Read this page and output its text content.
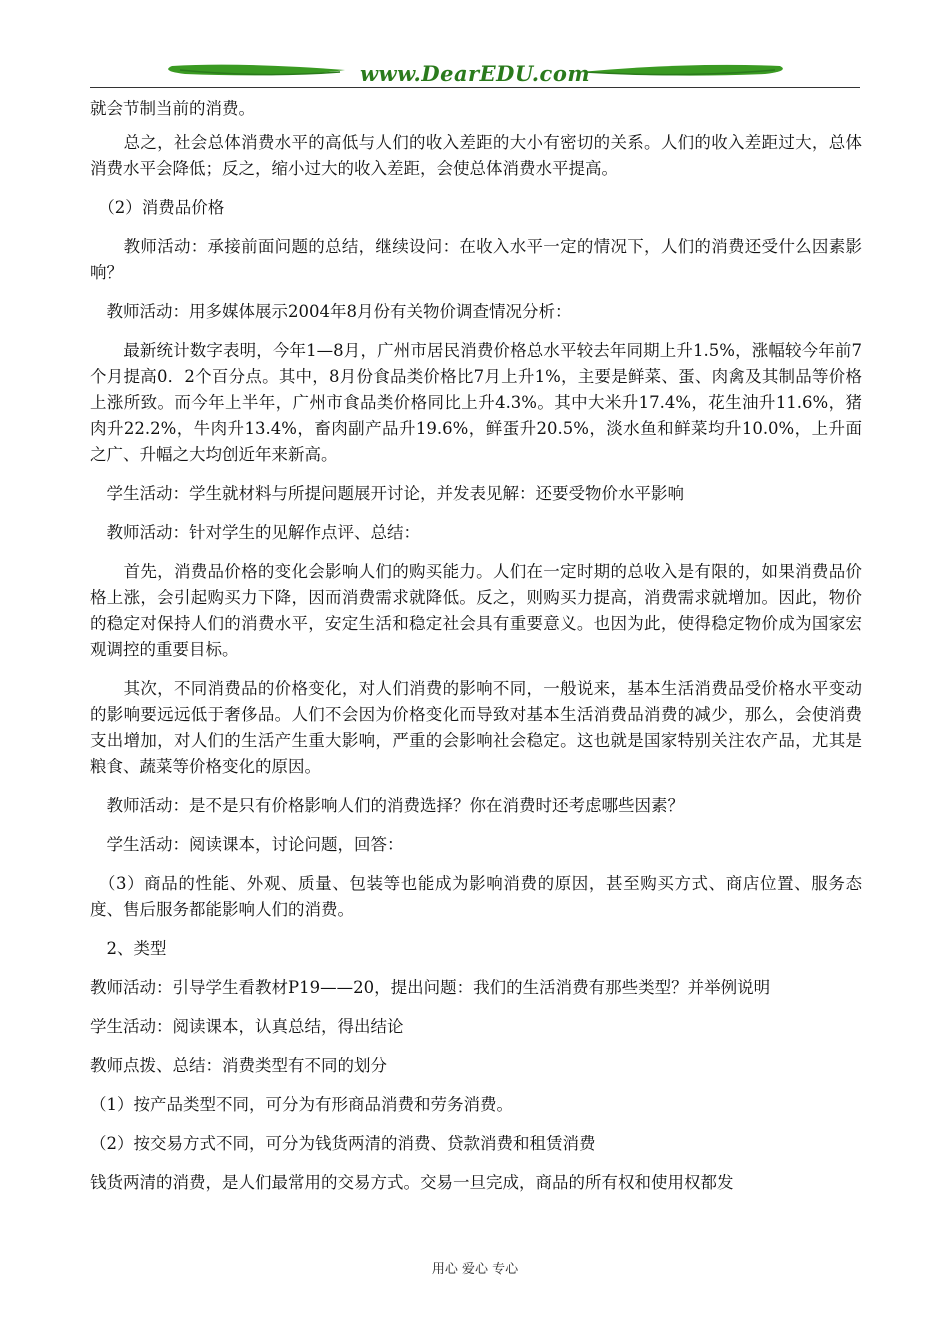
www.DearEDU.com

就会节制当前的消费。

　　总之，社会总体消费水平的高低与人们的收入差距的大小有密切的关系。人们的收入差距过大，总体消费水平会降低；反之，缩小过大的收入差距，会使总体消费水平提高。

　（2）消费品价格

　　教师活动：承接前面问题的总结，继续设问：在收入水平一定的情况下，人们的消费还受什么因素影响？

　教师活动：用多媒体展示2004年8月份有关物价调查情况分析：

　　最新统计数字表明，今年1—8月，广州市居民消费价格总水平较去年同期上升1.5%，涨幅较今年前7个月提高0．2个百分点。其中，8月份食品类价格比7月上升1%，主要是鲜菜、蛋、肉禽及其制品等价格上涨所致。而今年上半年，广州市食品类价格同比上升4.3%。其中大米升17.4%，花生油升11.6%，猪肉升22.2%，牛肉升13.4%，畜肉副产品升19.6%，鲜蛋升20.5%，淡水鱼和鲜菜均升10.0%，上升面之广、升幅之大均创近年来新高。

　学生活动：学生就材料与所提问题展开讨论，并发表见解：还要受物价水平影响

　教师活动：针对学生的见解作点评、总结：

　　首先，消费品价格的变化会影响人们的购买能力。人们在一定时期的总收入是有限的，如果消费品价格上涨，会引起购买力下降，因而消费需求就降低。反之，则购买力提高，消费需求就增加。因此，物价的稳定对保持人们的消费水平，安定生活和稳定社会具有重要意义。也因为此，使得稳定物价成为国家宏观调控的重要目标。

　　其次，不同消费品的价格变化，对人们消费的影响不同，一般说来，基本生活消费品受价格水平变动的影响要远远低于奢侈品。人们不会因为价格变化而导致对基本生活消费品消费的减少，那么，会使消费支出增加，对人们的生活产生重大影响，严重的会影响社会稳定。这也就是国家特别关注农产品，尤其是粮食、蔬菜等价格变化的原因。

　教师活动：是不是只有价格影响人们的消费选择？你在消费时还考虑哪些因素？

　学生活动：阅读课本，讨论问题，回答：

　（3）商品的性能、外观、质量、包装等也能成为影响消费的原因，甚至购买方式、商店位置、服务态度、售后服务都能影响人们的消费。

　2、类型

教师活动：引导学生看教材P19——20，提出问题：我们的生活消费有那些类型？并举例说明

学生活动：阅读课本，认真总结，得出结论

教师点拨、总结：消费类型有不同的划分

（1）按产品类型不同，可分为有形商品消费和劳务消费。

（2）按交易方式不同，可分为钱货两清的消费、贷款消费和租赁消费

钱货两清的消费，是人们最常用的交易方式。交易一旦完成，商品的所有权和使用权都发

用心 爱心 专心
